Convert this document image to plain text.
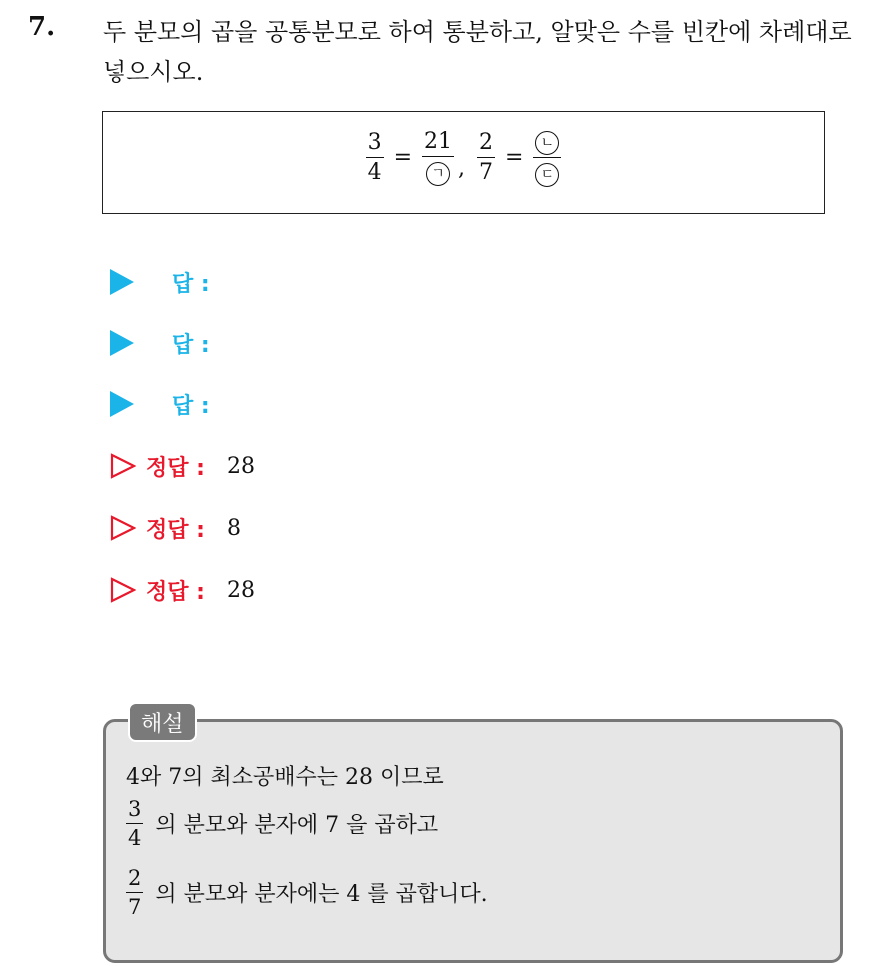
7. 두 분모의 곱을 공통분모로 하여 통분하고, 알맞은 수를 빈칸에 차례대로 넣으시오.
$\frac{3}{4} = \frac{21}{\text{ㄱ}}$ , $\frac{2}{7} = \frac{\text{ㄴ}}{\text{ㄷ}}$
답 :
답 :
답 :
정답 : 28
정답 : 8
정답 : 28
해설
4와 7의 최소공배수는 28 이므로
$\frac{3}{4}$ 의 분모와 분자에 7 을 곱하고
$\frac{2}{7}$ 의 분모와 분자에는 4 를 곱합니다.
